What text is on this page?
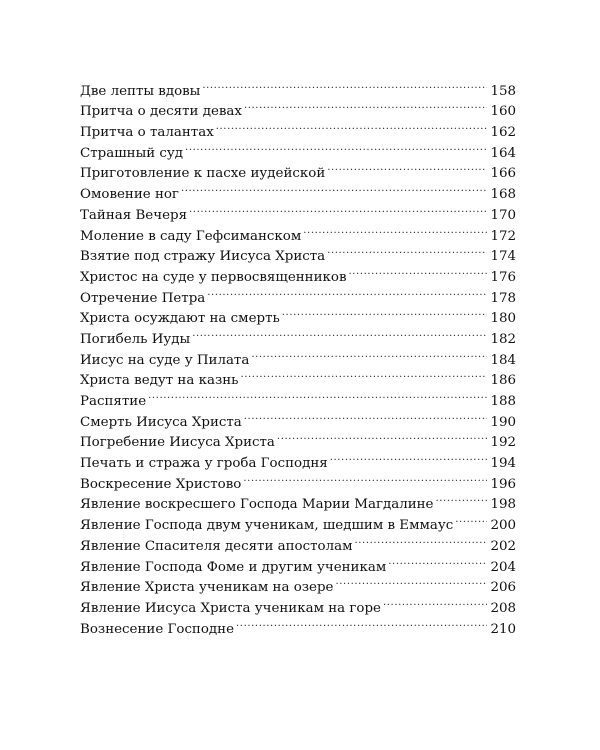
Две лепты вдовы .....	158
Притча о десяти девах .....	160
Притча о талантах .....	162
Страшный суд .....	164
Приготовление к пасхе иудейской .....	166
Омовение ног .....	168
Тайная Вечеря .....	170
Моление в саду Гефсиманском .....	172
Взятие под стражу Иисуса Христа .....	174
Христос на суде у первосвященников .....	176
Отречение Петра .....	178
Христа осуждают на смерть .....	180
Погибель Иуды .....	182
Иисус на суде у Пилата .....	184
Христа ведут на казнь .....	186
Распятие .....	188
Смерть Иисуса Христа .....	190
Погребение Иисуса Христа .....	192
Печать и стража у гроба Господня .....	194
Воскресение Христово .....	196
Явление воскресшего Господа Марии Магдалине .....	198
Явление Господа двум ученикам, шедшим в Еммаус .....	200
Явление Спасителя десяти апостолам .....	202
Явление Господа Фоме и другим ученикам .....	204
Явление Христа ученикам на озере .....	206
Явление Иисуса Христа ученикам на горе .....	208
Вознесение Господне .....	210
